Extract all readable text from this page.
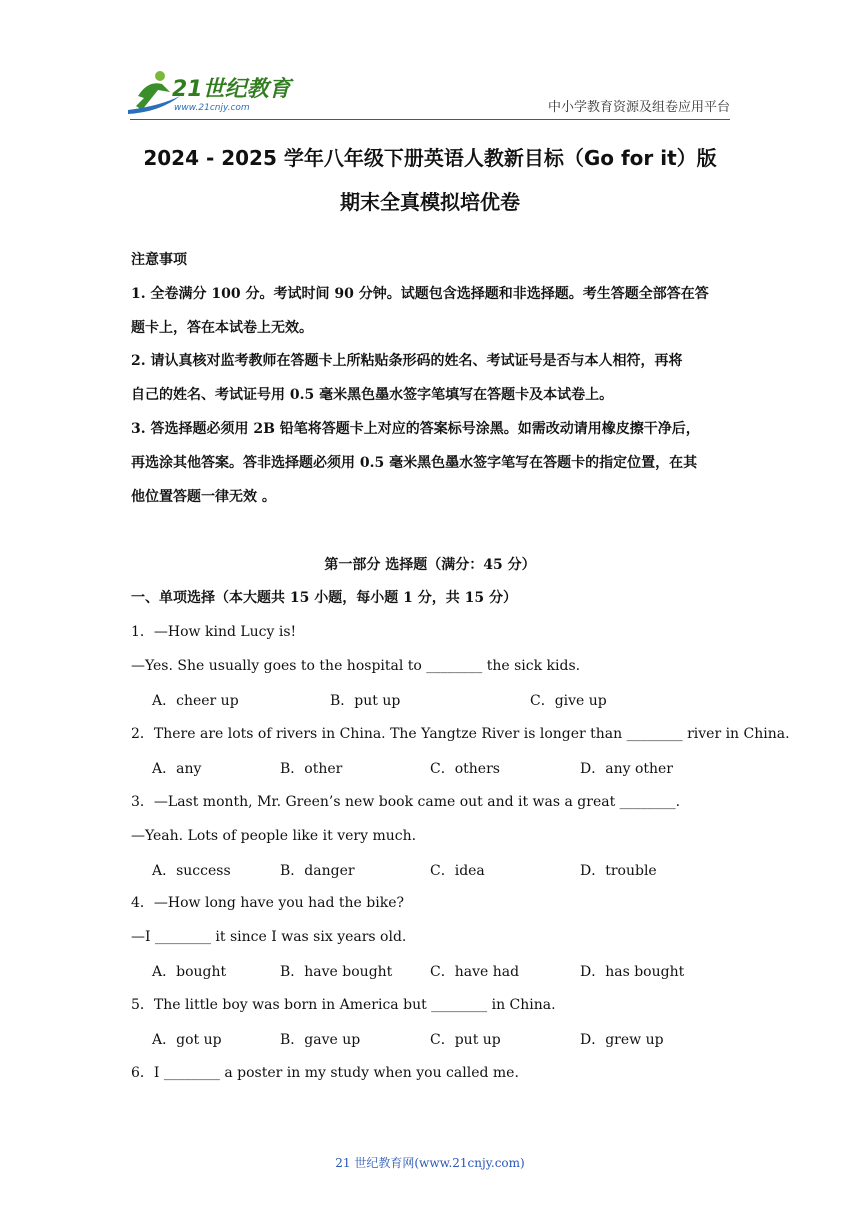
21世纪教育
www.21cnjy.com	中小学教育资源及组卷应用平台
2024 - 2025 学年八年级下册英语人教新目标（Go for it）版
期末全真模拟培优卷
注意事项
1. 全卷满分 100 分。考试时间 90 分钟。试题包含选择题和非选择题。考生答题全部答在答
题卡上，答在本试卷上无效。
2. 请认真核对监考教师在答题卡上所粘贴条形码的姓名、考试证号是否与本人相符，再将
自己的姓名、考试证号用 0.5 毫米黑色墨水签字笔填写在答题卡及本试卷上。
3. 答选择题必须用 2B 铅笔将答题卡上对应的答案标号涂黑。如需改动请用橡皮擦干净后，
再选涂其他答案。答非选择题必须用 0.5 毫米黑色墨水签字笔写在答题卡的指定位置，在其
他位置答题一律无效 。
第一部分 选择题（满分：45 分）
一、单项选择（本大题共 15 小题，每小题 1 分，共 15 分）
1．—How kind Lucy is!
—Yes. She usually goes to the hospital to ________ the sick kids.
A．cheer up	B．put up	C．give up
2．There are lots of rivers in China. The Yangtze River is longer than ________ river in China.
A．any	B．other	C．others	D．any other
3．—Last month, Mr. Green’s new book came out and it was a great ________.
—Yeah. Lots of people like it very much.
A．success	B．danger	C．idea	D．trouble
4．—How long have you had the bike?
—I ________ it since I was six years old.
A．bought	B．have bought	C．have had	D．has bought
5．The little boy was born in America but ________ in China.
A．got up	B．gave up	C．put up	D．grew up
6．I ________ a poster in my study when you called me.
21 世纪教育网(www.21cnjy.com)
